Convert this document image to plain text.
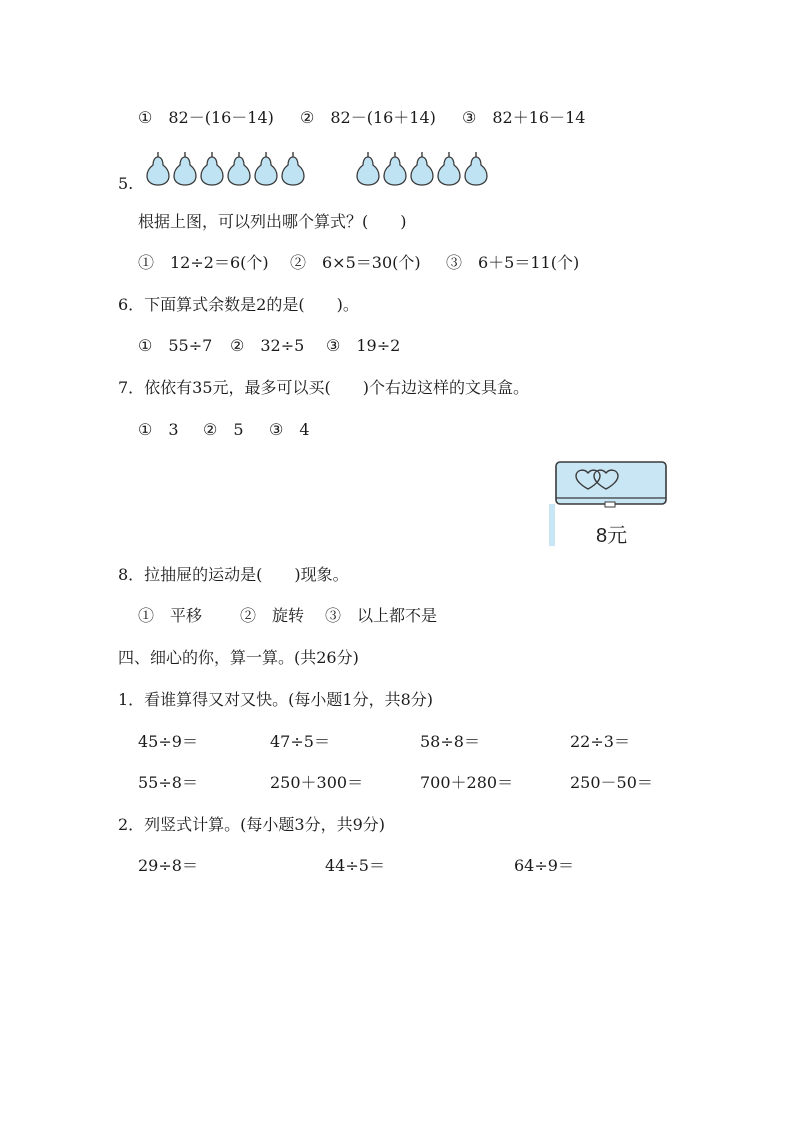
①　82－(16－14) ②　82－(16＋14) ③　82＋16－14
5.
根据上图，可以列出哪个算式？(　　)
①　12÷2＝6(个) ②　6×5＝30(个) ③　6＋5＝11(个)
6．下面算式余数是2的是(　　)。
①　55÷7 ②　32÷5 ③　19÷2
7．依依有35元，最多可以买(　　)个右边这样的文具盒。
①　3 ②　5 ③　4
8元
8．拉抽屉的运动是(　　)现象。
①　平移 ②　旋转 ③　以上都不是
四、细心的你，算一算。(共26分)
1．看谁算得又对又快。(每小题1分，共8分)
45÷9＝	47÷5＝	58÷8＝	22÷3＝
55÷8＝	250＋300＝	700＋280＝	250－50＝
2．列竖式计算。(每小题3分，共9分)
29÷8＝	44÷5＝	64÷9＝
